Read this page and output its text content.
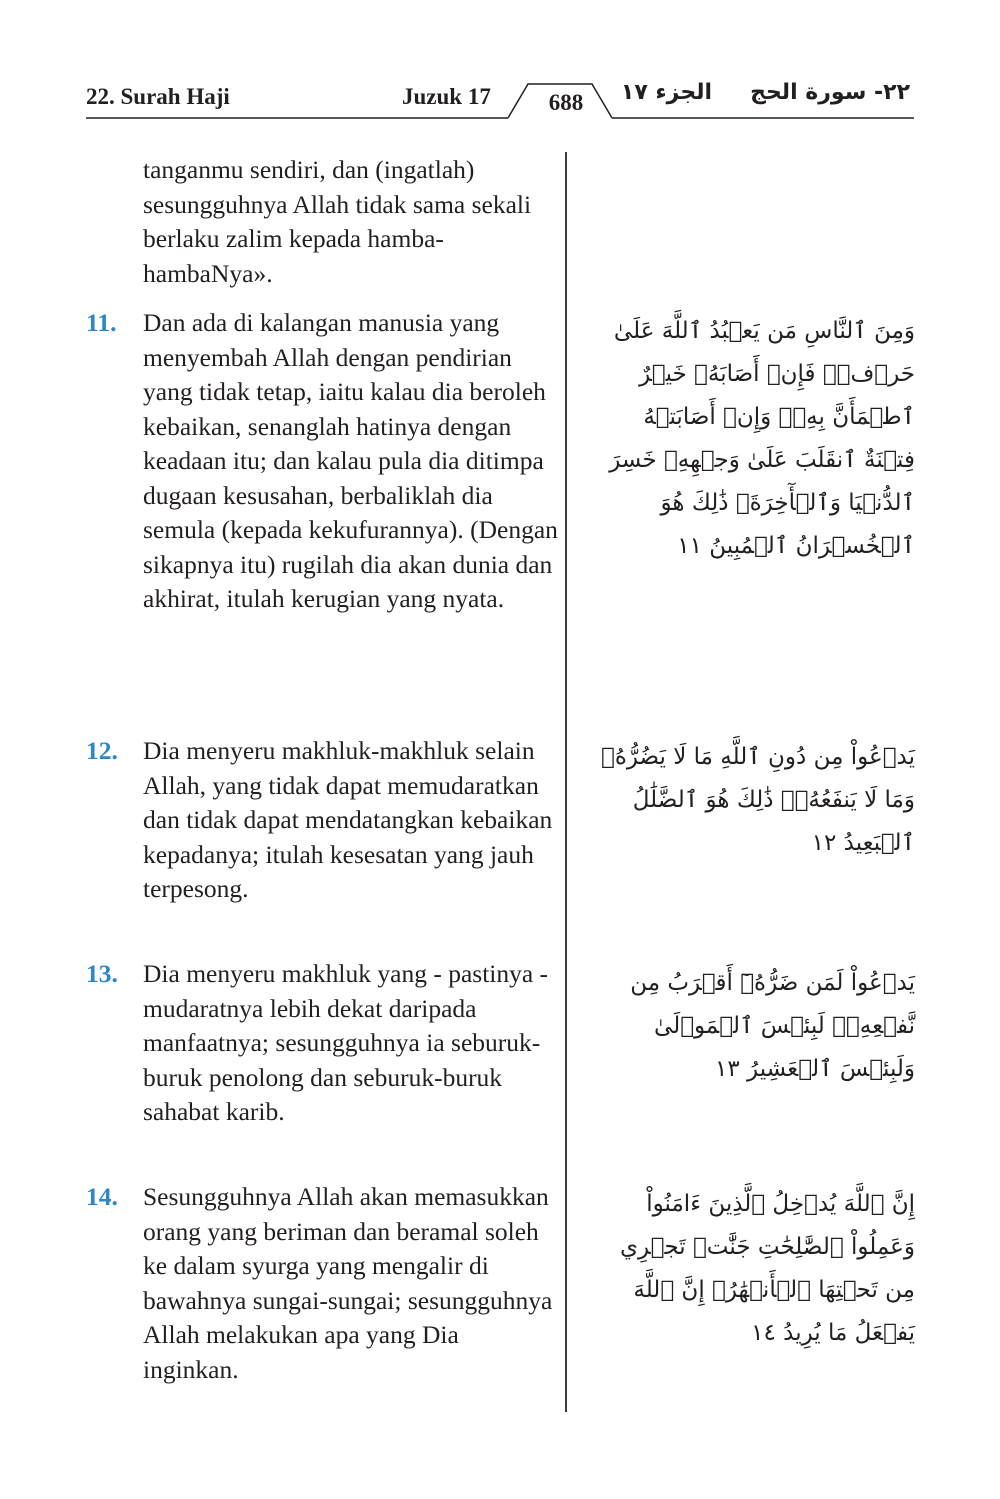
22. Surah Haji	Juzuk 17	688	الجزء ١٧ ٢٢- سورة الحج
tanganmu sendiri, dan (ingatlah) sesungguhnya Allah tidak sama sekali berlaku zalim kepada hamba-hambaNya».
11. Dan ada di kalangan manusia yang menyembah Allah dengan pendirian yang tidak tetap, iaitu kalau dia beroleh kebaikan, senanglah hatinya dengan keadaan itu; dan kalau pula dia ditimpa dugaan kesusahan, berbaliklah dia semula (kepada kekufurannya). (Dengan sikapnya itu) rugilah dia akan dunia dan akhirat, itulah kerugian yang nyata.
وَمِنَ ٱلنَّاسِ مَن يَعۡبُدُ ٱللَّهَ عَلَىٰ حَرۡفٖۖ فَإِنۡ أَصَابَهُۥ خَيۡرٌ ٱطۡمَأَنَّ بِهِۦۖ وَإِنۡ أَصَابَتۡهُ فِتۡنَةٌ ٱنقَلَبَ عَلَىٰ وَجۡهِهِۦ خَسِرَ ٱلدُّنۡيَا وَٱلۡأٓخِرَةَۚ ذَٰلِكَ هُوَ ٱلۡخُسۡرَانُ ٱلۡمُبِينُ ١١
12. Dia menyeru makhluk-makhluk selain Allah, yang tidak dapat memudaratkan dan tidak dapat mendatangkan kebaikan kepadanya; itulah kesesatan yang jauh terpesong.
يَدۡعُواْ مِن دُونِ ٱللَّهِ مَا لَا يَضُرُّهُۥ وَمَا لَا يَنفَعُهُۥۚ ذَٰلِكَ هُوَ ٱلضَّلَٰلُ ٱلۡبَعِيدُ ١٢
13. Dia menyeru makhluk yang - pastinya - mudaratnya lebih dekat daripada manfaatnya; sesungguhnya ia seburuk-buruk penolong dan seburuk-buruk sahabat karib.
يَدۡعُواْ لَمَن ضَرُّهُۥٓ أَقۡرَبُ مِن نَّفۡعِهِۦۚ لَبِئۡسَ ٱلۡمَوۡلَىٰ وَلَبِئۡسَ ٱلۡعَشِيرُ ١٣
14. Sesungguhnya Allah akan memasukkan orang yang beriman dan beramal soleh ke dalam syurga yang mengalir di bawahnya sungai-sungai; sesungguhnya Allah melakukan apa yang Dia inginkan.
إِنَّ ٱللَّهَ يُدۡخِلُ ٱلَّذِينَ ءَامَنُواْ وَعَمِلُواْ ٱلصَّٰلِحَٰتِ جَنَّٰتٖ تَجۡرِي مِن تَحۡتِهَا ٱلۡأَنۡهَٰرُۚ إِنَّ ٱللَّهَ يَفۡعَلُ مَا يُرِيدُ ١٤
